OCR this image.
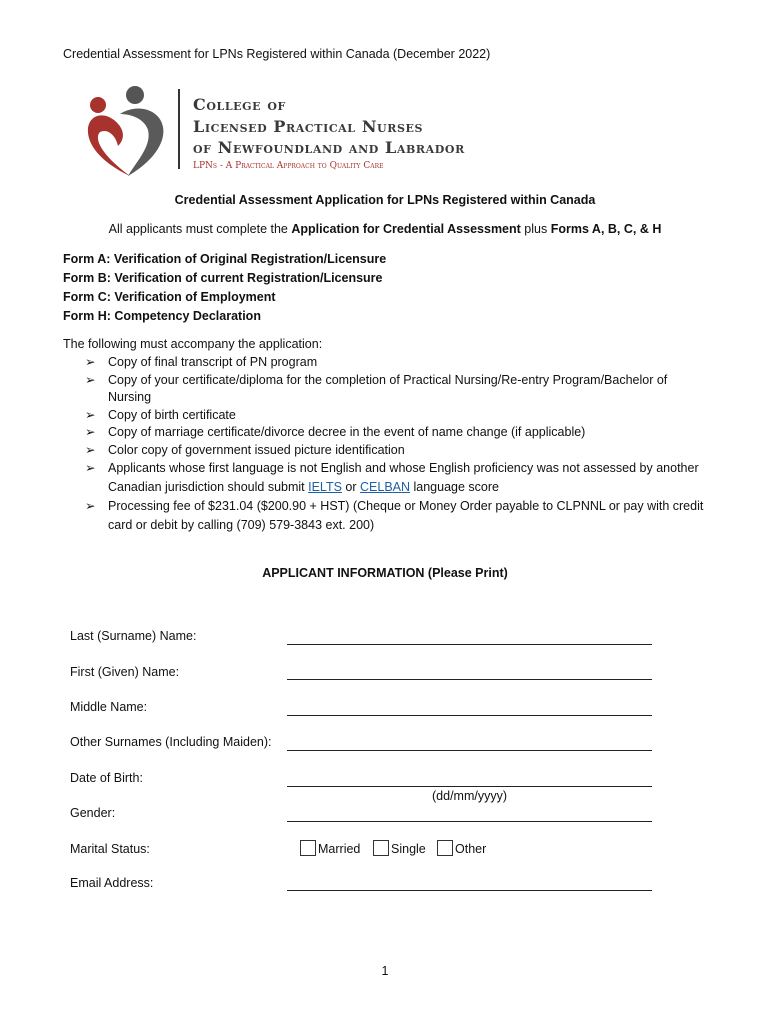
Credential Assessment for LPNs Registered within Canada (December 2022)
College of
Licensed Practical Nurses
of Newfoundland and Labrador
LPNs - A Practical Approach to Quality Care
Credential Assessment Application for LPNs Registered within Canada
All applicants must complete the Application for Credential Assessment plus Forms A, B, C, & H
Form A: Verification of Original Registration/Licensure
Form B: Verification of current Registration/Licensure
Form C: Verification of Employment
Form H: Competency Declaration
The following must accompany the application:
➢ Copy of final transcript of PN program
➢ Copy of your certificate/diploma for the completion of Practical Nursing/Re-entry Program/Bachelor of Nursing
➢ Copy of birth certificate
➢ Copy of marriage certificate/divorce decree in the event of name change (if applicable)
➢ Color copy of government issued picture identification
➢ Applicants whose first language is not English and whose English proficiency was not assessed by another Canadian jurisdiction should submit IELTS or CELBAN language score
➢ Processing fee of $231.04 ($200.90 + HST) (Cheque or Money Order payable to CLPNNL or pay with credit card or debit by calling (709) 579-3843 ext. 200)
APPLICANT INFORMATION (Please Print)
Last (Surname) Name:
First (Given) Name:
Middle Name:
Other Surnames (Including Maiden):
Date of Birth:
(dd/mm/yyyy)
Gender:
Marital Status:	Married Single Other
Email Address:
1
